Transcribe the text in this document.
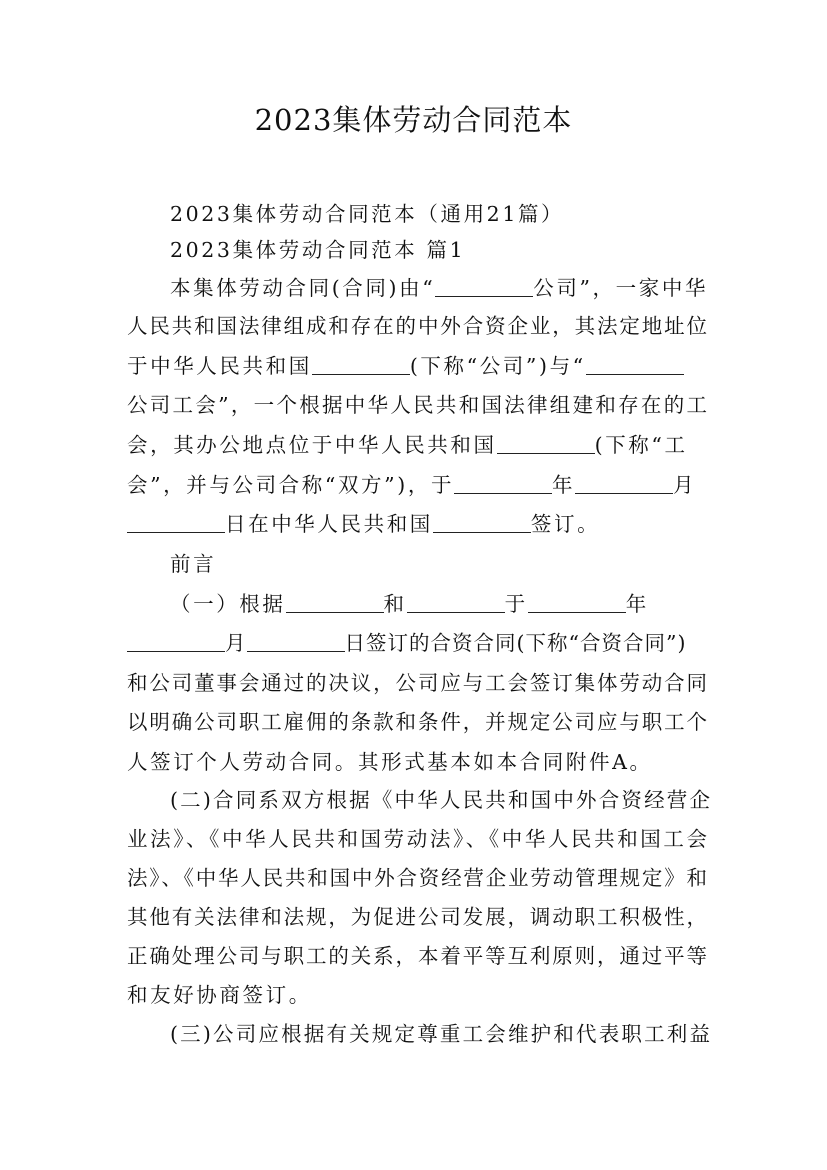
2023集体劳动合同范本
2023集体劳动合同范本（通用21篇）
2023集体劳动合同范本 篇1
本集体劳动合同(合同)由“	公司”，一家中华
人民共和国法律组成和存在的中外合资企业，其法定地址位
于中华人民共和国	(下称“公司”)与“
公司工会”，一个根据中华人民共和国法律组建和存在的工
会，其办公地点位于中华人民共和国	(下称“工
会”，并与公司合称“双方”)，于	年	月
日在中华人民共和国	签订。
前言
（一）根据	和	于	年
月	日签订的合资合同(下称“合资合同”)
和公司董事会通过的决议，公司应与工会签订集体劳动合同
以明确公司职工雇佣的条款和条件，并规定公司应与职工个
人签订个人劳动合同。其形式基本如本合同附件A。
(二)合同系双方根据《中华人民共和国中外合资经营企
业法》、《中华人民共和国劳动法》、《中华人民共和国工会
法》、《中华人民共和国中外合资经营企业劳动管理规定》和
其他有关法律和法规，为促进公司发展，调动职工积极性，
正确处理公司与职工的关系，本着平等互利原则，通过平等
和友好协商签订。
(三)公司应根据有关规定尊重工会维护和代表职工利益
